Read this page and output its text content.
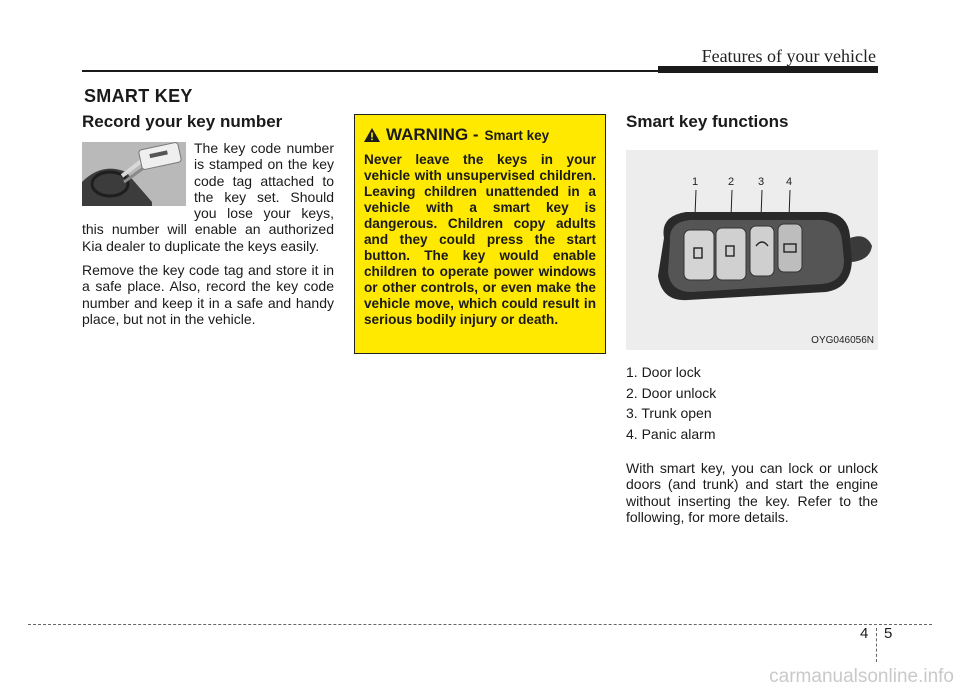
Features of your vehicle
SMART KEY
Record your key number
The key code number is stamped on the key code tag attached to the key set. Should you lose your keys, this number will enable an authorized Kia dealer to duplicate the keys easily.
Remove the key code tag and store it in a safe place. Also, record the key code number and keep it in a safe and handy place, but not in the vehicle.
WARNING - Smart key
Never leave the keys in your vehicle with unsupervised children. Leaving children unattended in a vehicle with a smart key is dangerous. Children copy adults and they could press the start button. The key would enable children to operate power windows or other controls, or even make the vehicle move, which could result in serious bodily injury or death.
Smart key functions
1	2 3 4
OYG046056N
1. Door lock
2. Door unlock
3. Trunk open
4. Panic alarm
With smart key, you can lock or unlock doors (and trunk) and start the engine without inserting the key. Refer to the following, for more details.
4 5
carmanualsonline.info
